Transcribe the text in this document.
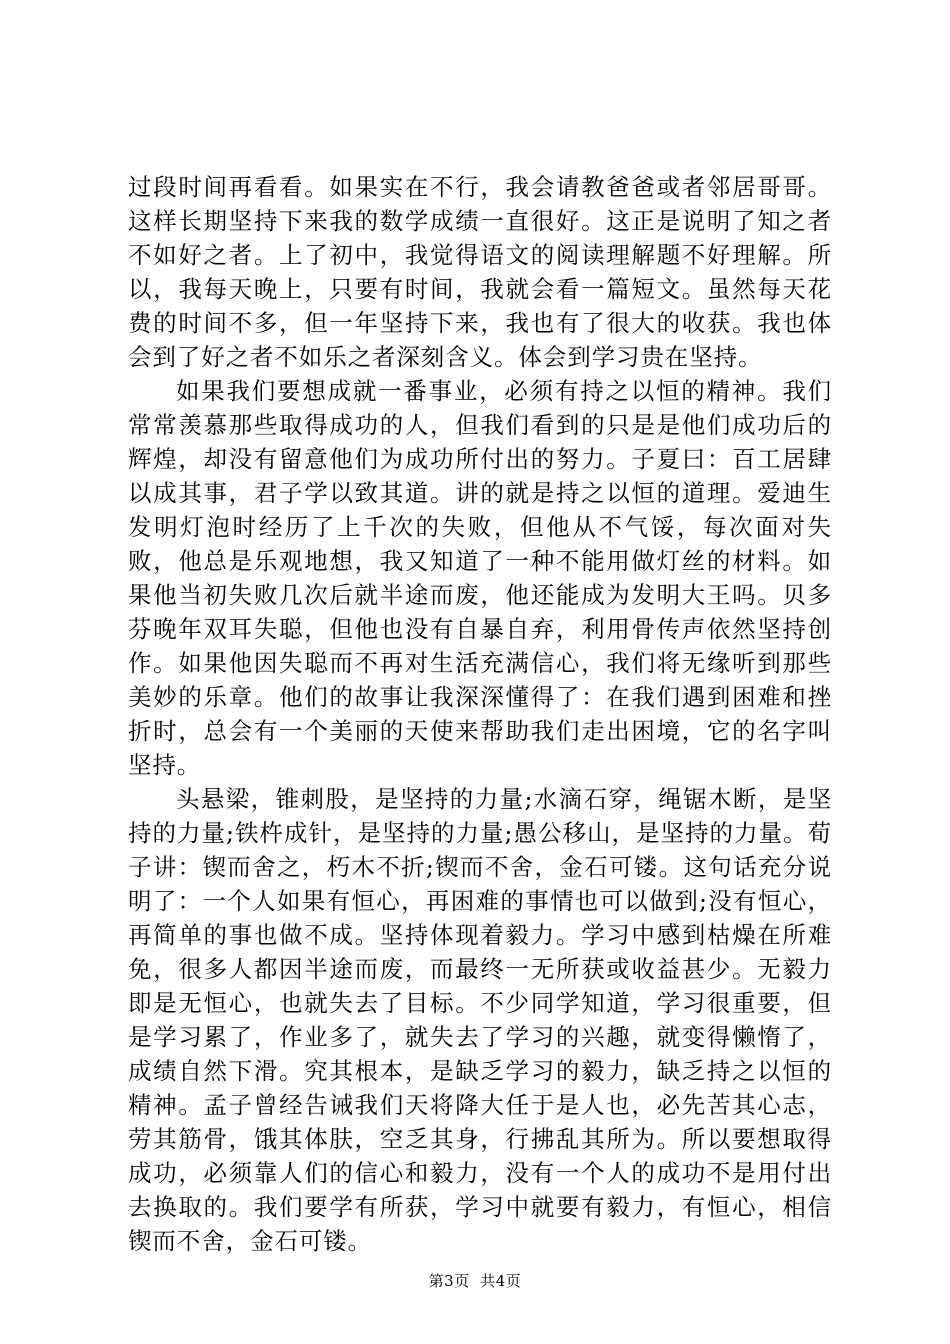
过段时间再看看。如果实在不行，我会请教爸爸或者邻居哥哥。这样长期坚持下来我的数学成绩一直很好。这正是说明了知之者不如好之者。上了初中，我觉得语文的阅读理解题不好理解。所以，我每天晚上，只要有时间，我就会看一篇短文。虽然每天花费的时间不多，但一年坚持下来，我也有了很大的收获。我也体会到了好之者不如乐之者深刻含义。体会到学习贵在坚持。

如果我们要想成就一番事业，必须有持之以恒的精神。我们常常羡慕那些取得成功的人，但我们看到的只是是他们成功后的辉煌，却没有留意他们为成功所付出的努力。子夏曰：百工居肆以成其事，君子学以致其道。讲的就是持之以恒的道理。爱迪生发明灯泡时经历了上千次的失败，但他从不气馁，每次面对失败，他总是乐观地想，我又知道了一种不能用做灯丝的材料。如果他当初失败几次后就半途而废，他还能成为发明大王吗。贝多芬晚年双耳失聪，但他也没有自暴自弃，利用骨传声依然坚持创作。如果他因失聪而不再对生活充满信心，我们将无缘听到那些美妙的乐章。他们的故事让我深深懂得了：在我们遇到困难和挫折时，总会有一个美丽的天使来帮助我们走出困境，它的名字叫坚持。

头悬梁，锥刺股，是坚持的力量;水滴石穿，绳锯木断，是坚持的力量;铁杵成针，是坚持的力量;愚公移山，是坚持的力量。荀子讲：锲而舍之，朽木不折;锲而不舍，金石可镂。这句话充分说明了：一个人如果有恒心，再困难的事情也可以做到;没有恒心，再简单的事也做不成。坚持体现着毅力。学习中感到枯燥在所难免，很多人都因半途而废，而最终一无所获或收益甚少。无毅力即是无恒心，也就失去了目标。不少同学知道，学习很重要，但是学习累了，作业多了，就失去了学习的兴趣，就变得懒惰了，成绩自然下滑。究其根本，是缺乏学习的毅力，缺乏持之以恒的精神。孟子曾经告诫我们天将降大任于是人也，必先苦其心志，劳其筋骨，饿其体肤，空乏其身，行拂乱其所为。所以要想取得成功，必须靠人们的信心和毅力，没有一个人的成功不是用付出去换取的。我们要学有所获，学习中就要有毅力，有恒心，相信锲而不舍，金石可镂。

第3页 共4页
